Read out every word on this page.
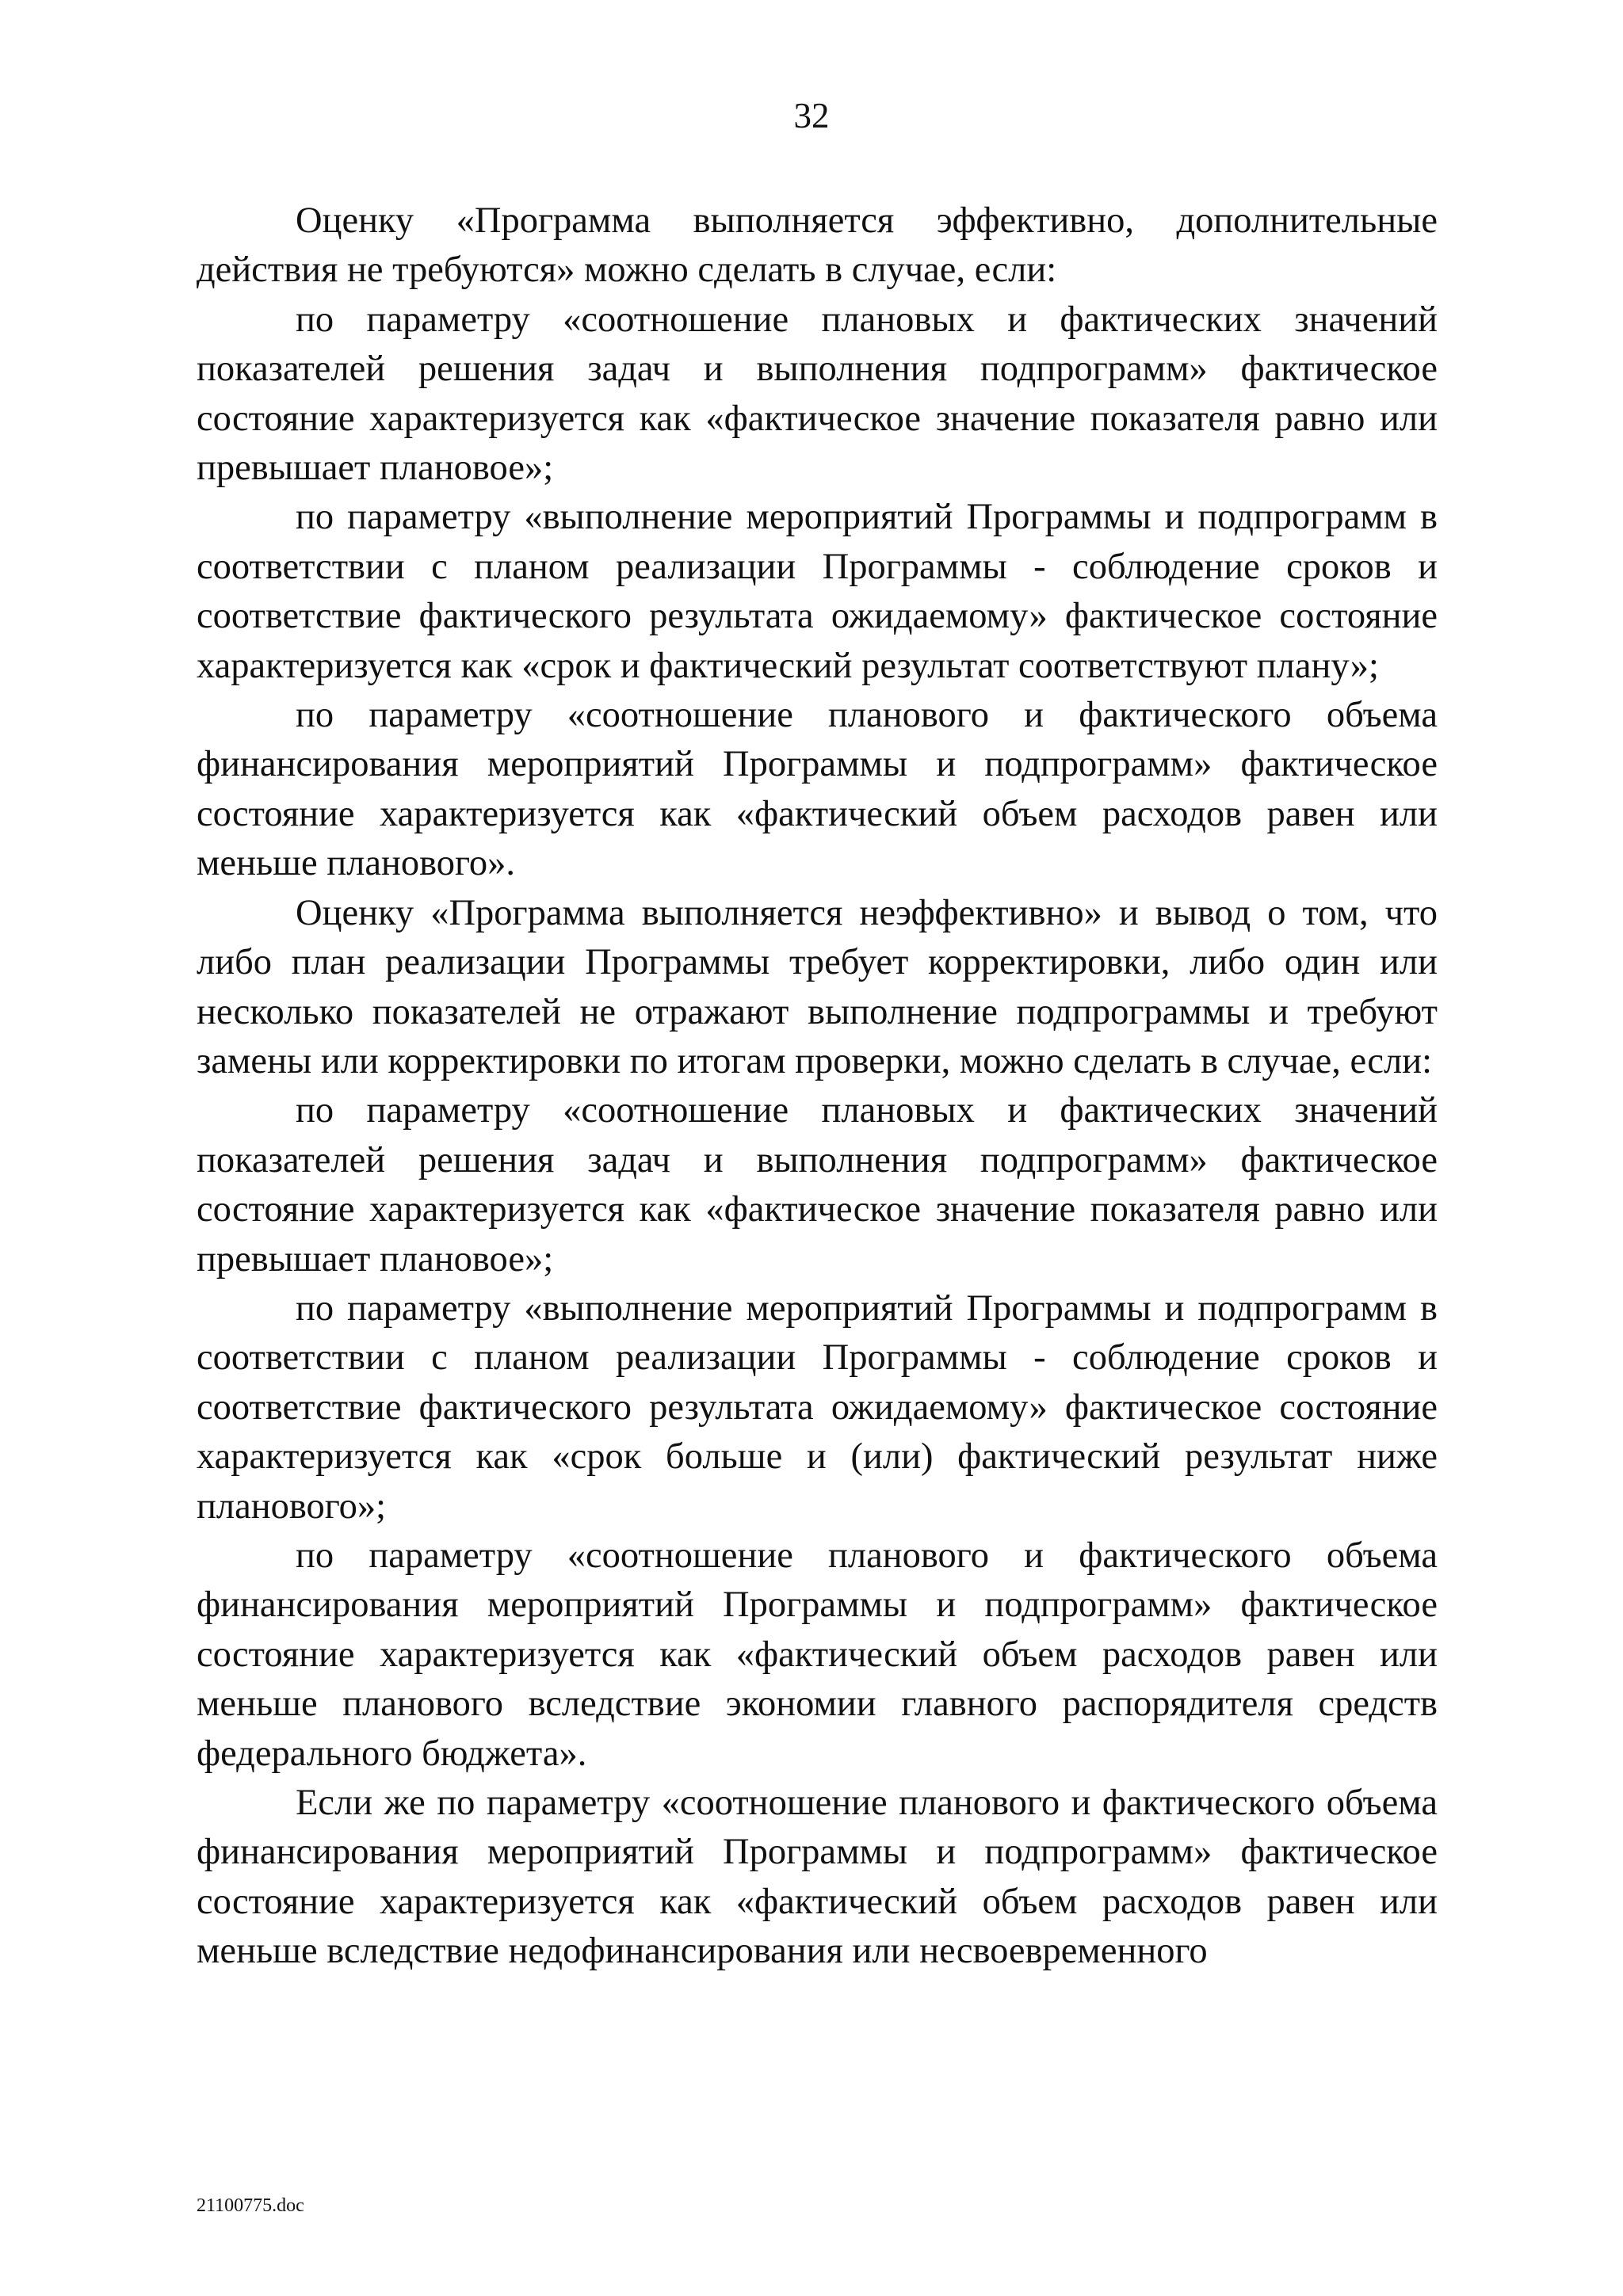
32

Оценку «Программа выполняется эффективно, дополнительные действия не требуются» можно сделать в случае, если:

по параметру «соотношение плановых и фактических значений показателей решения задач и выполнения подпрограмм» фактическое состояние характеризуется как «фактическое значение показателя равно или превышает плановое»;

по параметру «выполнение мероприятий Программы и подпрограмм в соответствии с планом реализации Программы - соблюдение сроков и соответствие фактического результата ожидаемому» фактическое состояние характеризуется как «срок и фактический результат соответствуют плану»;

по параметру «соотношение планового и фактического объема финансирования мероприятий Программы и подпрограмм» фактическое состояние характеризуется как «фактический объем расходов равен или меньше планового».

Оценку «Программа выполняется неэффективно» и вывод о том, что либо план реализации Программы требует корректировки, либо один или несколько показателей не отражают выполнение подпрограммы и требуют замены или корректировки по итогам проверки, можно сделать в случае, если:

по параметру «соотношение плановых и фактических значений показателей решения задач и выполнения подпрограмм» фактическое состояние характеризуется как «фактическое значение показателя равно или превышает плановое»;

по параметру «выполнение мероприятий Программы и подпрограмм в соответствии с планом реализации Программы - соблюдение сроков и соответствие фактического результата ожидаемому» фактическое состояние характеризуется как «срок больше и (или) фактический результат ниже планового»;

по параметру «соотношение планового и фактического объема финансирования мероприятий Программы и подпрограмм» фактическое состояние характеризуется как «фактический объем расходов равен или меньше планового вследствие экономии главного распорядителя средств федерального бюджета».

Если же по параметру «соотношение планового и фактического объема финансирования мероприятий Программы и подпрограмм» фактическое состояние характеризуется как «фактический объем расходов равен или меньше вследствие недофинансирования или несвоевременного

21100775.doc
